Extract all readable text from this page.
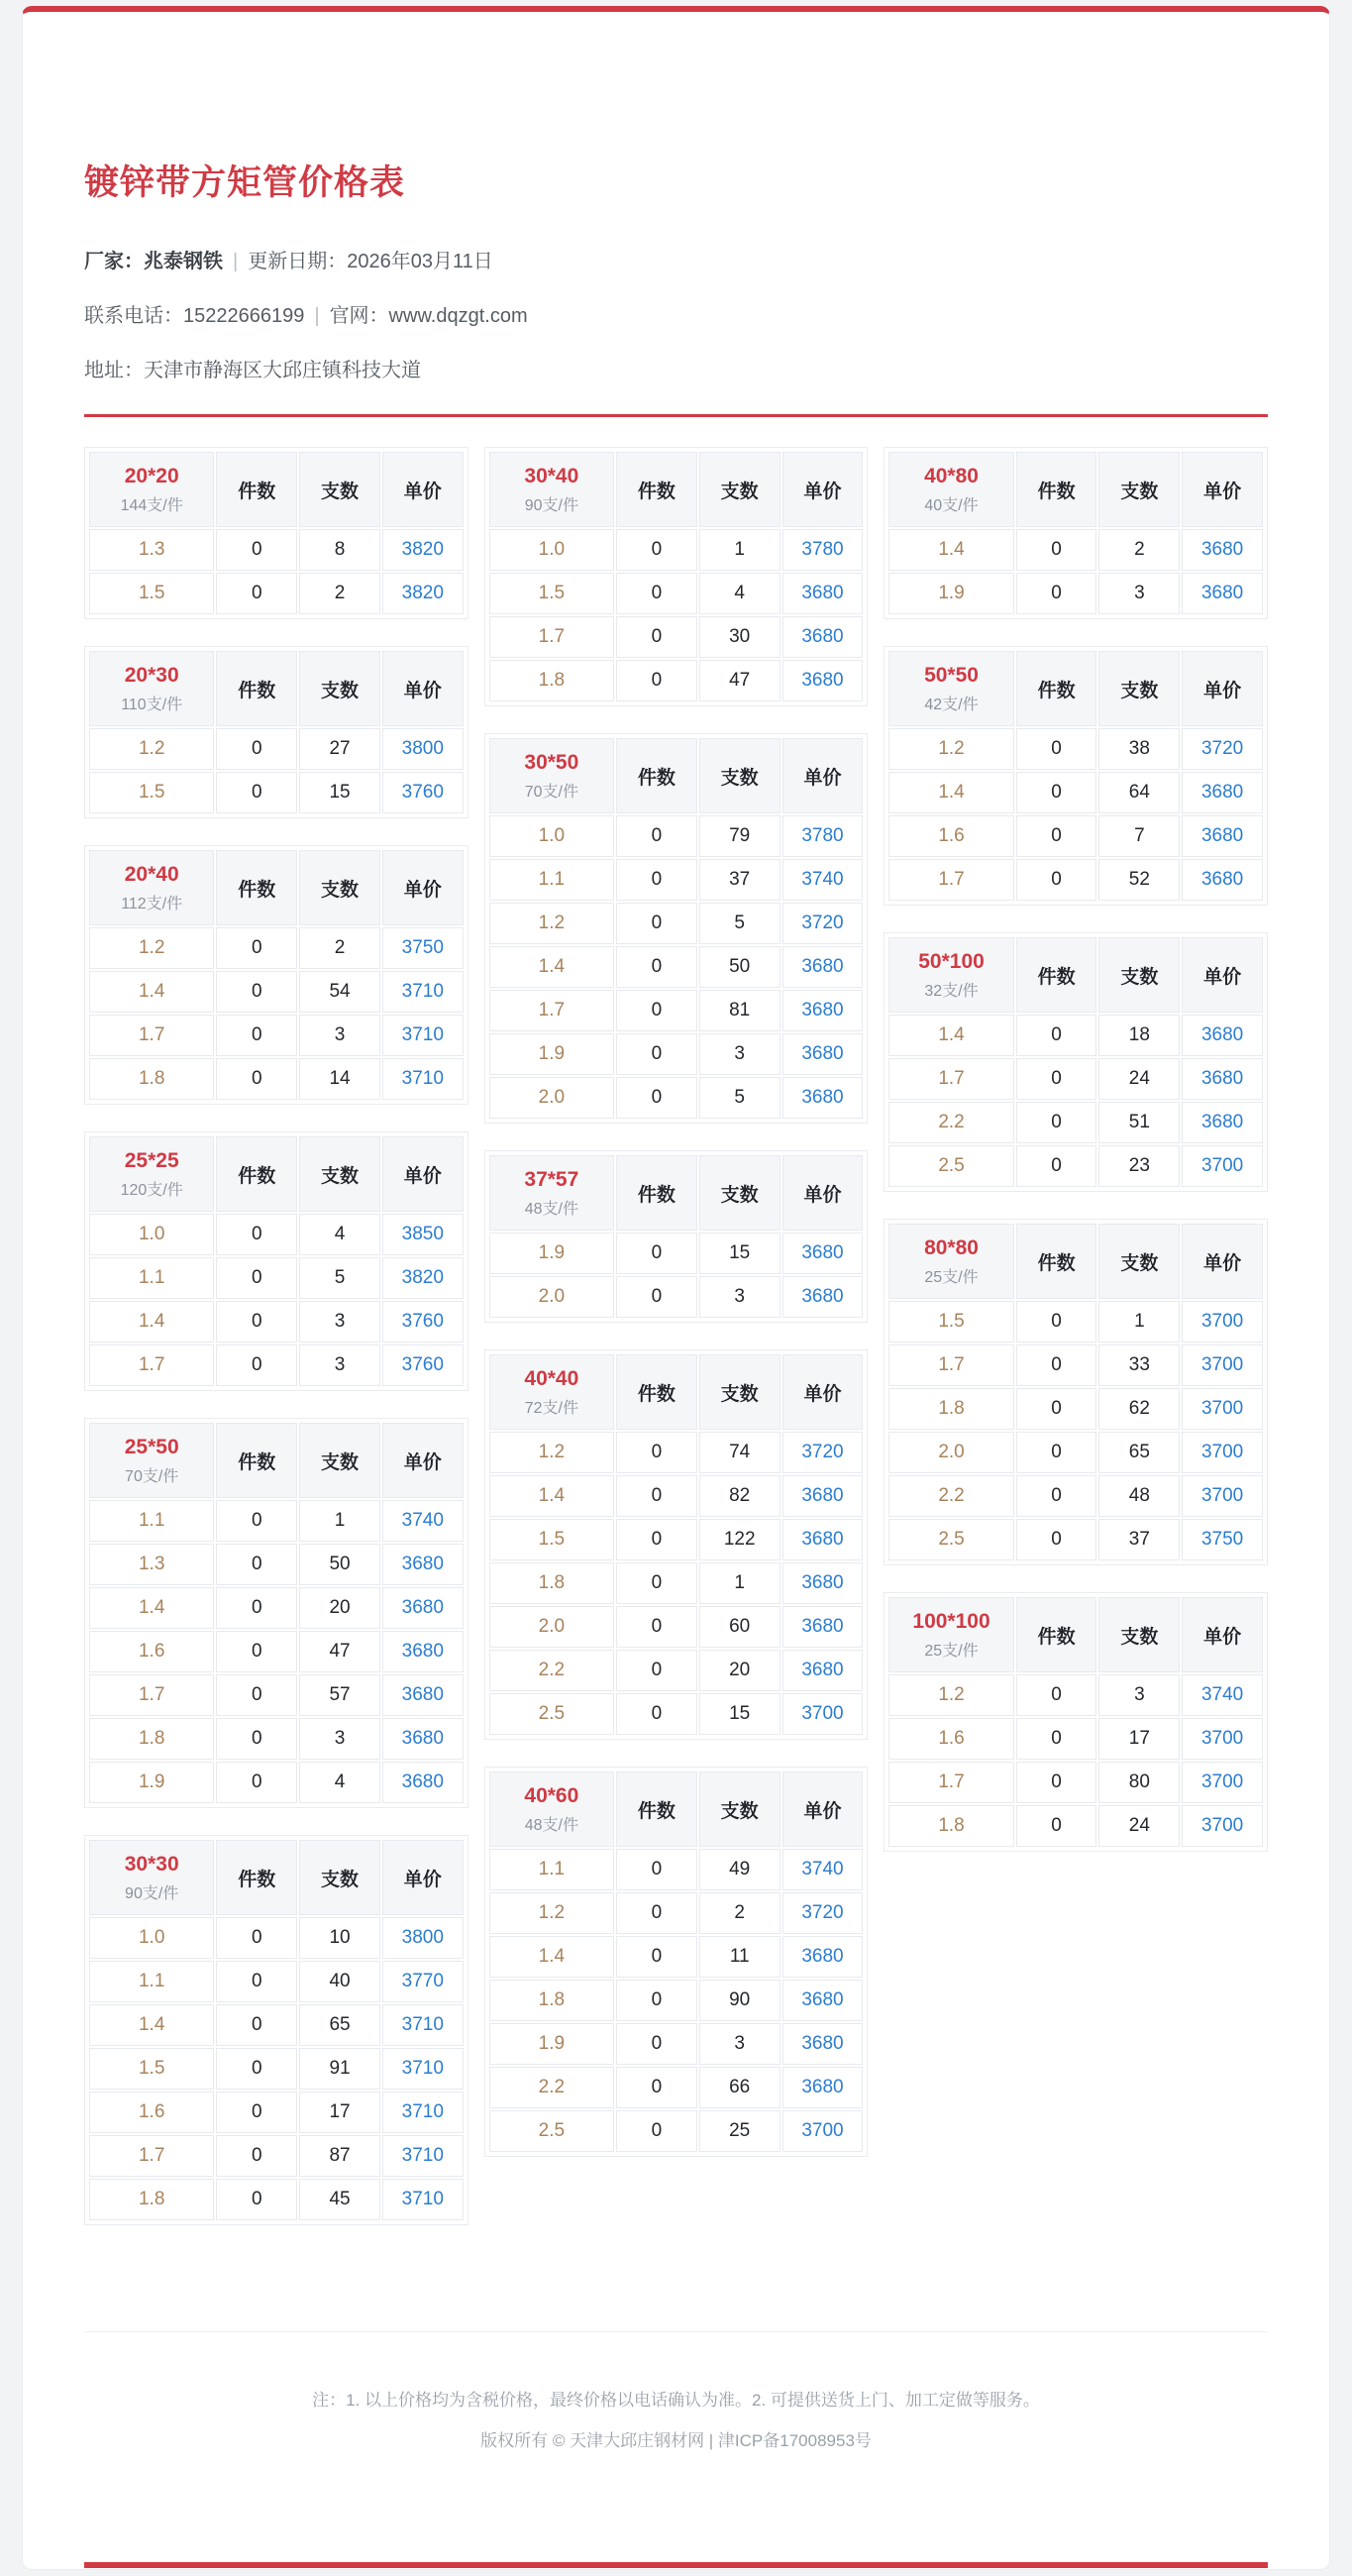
镀锌带方矩管价格表
厂家：兆泰钢铁 | 更新日期：2026年03月11日
联系电话：15222666199 | 官网：www.dqzgt.com
地址：天津市静海区大邱庄镇科技大道
20*20
144支/件	件数	支数	单价
1.3	0	8	3820
1.5	0	2	3820
20*30
110支/件	件数	支数	单价
1.2	0	27	3800
1.5	0	15	3760
20*40
112支/件	件数	支数	单价
1.2	0	2	3750
1.4	0	54	3710
1.7	0	3	3710
1.8	0	14	3710
25*25
120支/件	件数	支数	单价
1.0	0	4	3850
1.1	0	5	3820
1.4	0	3	3760
1.7	0	3	3760
25*50
70支/件	件数	支数	单价
1.1	0	1	3740
1.3	0	50	3680
1.4	0	20	3680
1.6	0	47	3680
1.7	0	57	3680
1.8	0	3	3680
1.9	0	4	3680
30*30
90支/件	件数	支数	单价
1.0	0	10	3800
1.1	0	40	3770
1.4	0	65	3710
1.5	0	91	3710
1.6	0	17	3710
1.7	0	87	3710
1.8	0	45	3710
30*40
90支/件	件数	支数	单价
1.0	0	1	3780
1.5	0	4	3680
1.7	0	30	3680
1.8	0	47	3680
30*50
70支/件	件数	支数	单价
1.0	0	79	3780
1.1	0	37	3740
1.2	0	5	3720
1.4	0	50	3680
1.7	0	81	3680
1.9	0	3	3680
2.0	0	5	3680
37*57
48支/件	件数	支数	单价
1.9	0	15	3680
2.0	0	3	3680
40*40
72支/件	件数	支数	单价
1.2	0	74	3720
1.4	0	82	3680
1.5	0	122	3680
1.8	0	1	3680
2.0	0	60	3680
2.2	0	20	3680
2.5	0	15	3700
40*60
48支/件	件数	支数	单价
1.1	0	49	3740
1.2	0	2	3720
1.4	0	11	3680
1.8	0	90	3680
1.9	0	3	3680
2.2	0	66	3680
2.5	0	25	3700
40*80
40支/件	件数	支数	单价
1.4	0	2	3680
1.9	0	3	3680
50*50
42支/件	件数	支数	单价
1.2	0	38	3720
1.4	0	64	3680
1.6	0	7	3680
1.7	0	52	3680
50*100
32支/件	件数	支数	单价
1.4	0	18	3680
1.7	0	24	3680
2.2	0	51	3680
2.5	0	23	3700
80*80
25支/件	件数	支数	单价
1.5	0	1	3700
1.7	0	33	3700
1.8	0	62	3700
2.0	0	65	3700
2.2	0	48	3700
2.5	0	37	3750
100*100
25支/件	件数	支数	单价
1.2	0	3	3740
1.6	0	17	3700
1.7	0	80	3700
1.8	0	24	3700
注：1. 以上价格均为含税价格，最终价格以电话确认为准。2. 可提供送货上门、加工定做等服务。
版权所有 © 天津大邱庄钢材网 | 津ICP备17008953号
